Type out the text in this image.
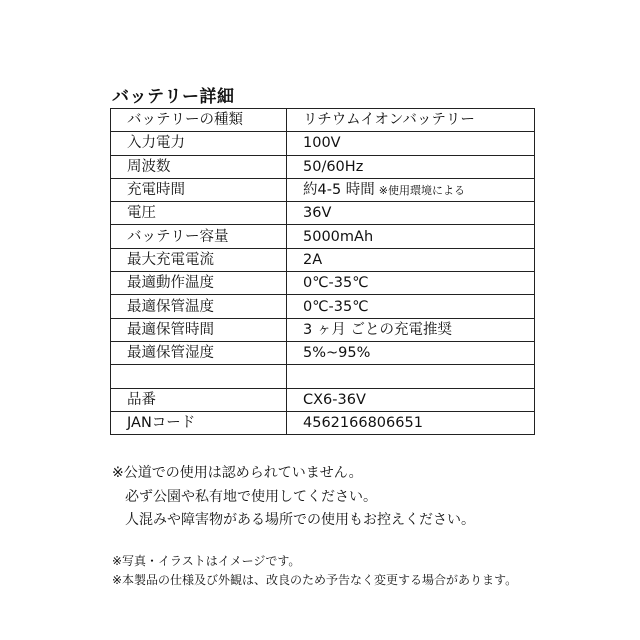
バッテリー詳細
バッテリーの種類	リチウムイオンバッテリー
入力電力	100V
周波数	50/60Hz
充電時間	約4-5 時間 ※使用環境による
電圧	36V
バッテリー容量	5000mAh
最大充電電流	2A
最適動作温度	0℃-35℃
最適保管温度	0℃-35℃
最適保管時間	3 ヶ月 ごとの充電推奨
最適保管湿度	5%~95%

品番	CX6-36V
JANコード	4562166806651
※公道での使用は認められていません。
必ず公園や私有地で使用してください。
人混みや障害物がある場所での使用もお控えください。
※写真・イラストはイメージです。
※本製品の仕様及び外観は、改良のため予告なく変更する場合があります。
